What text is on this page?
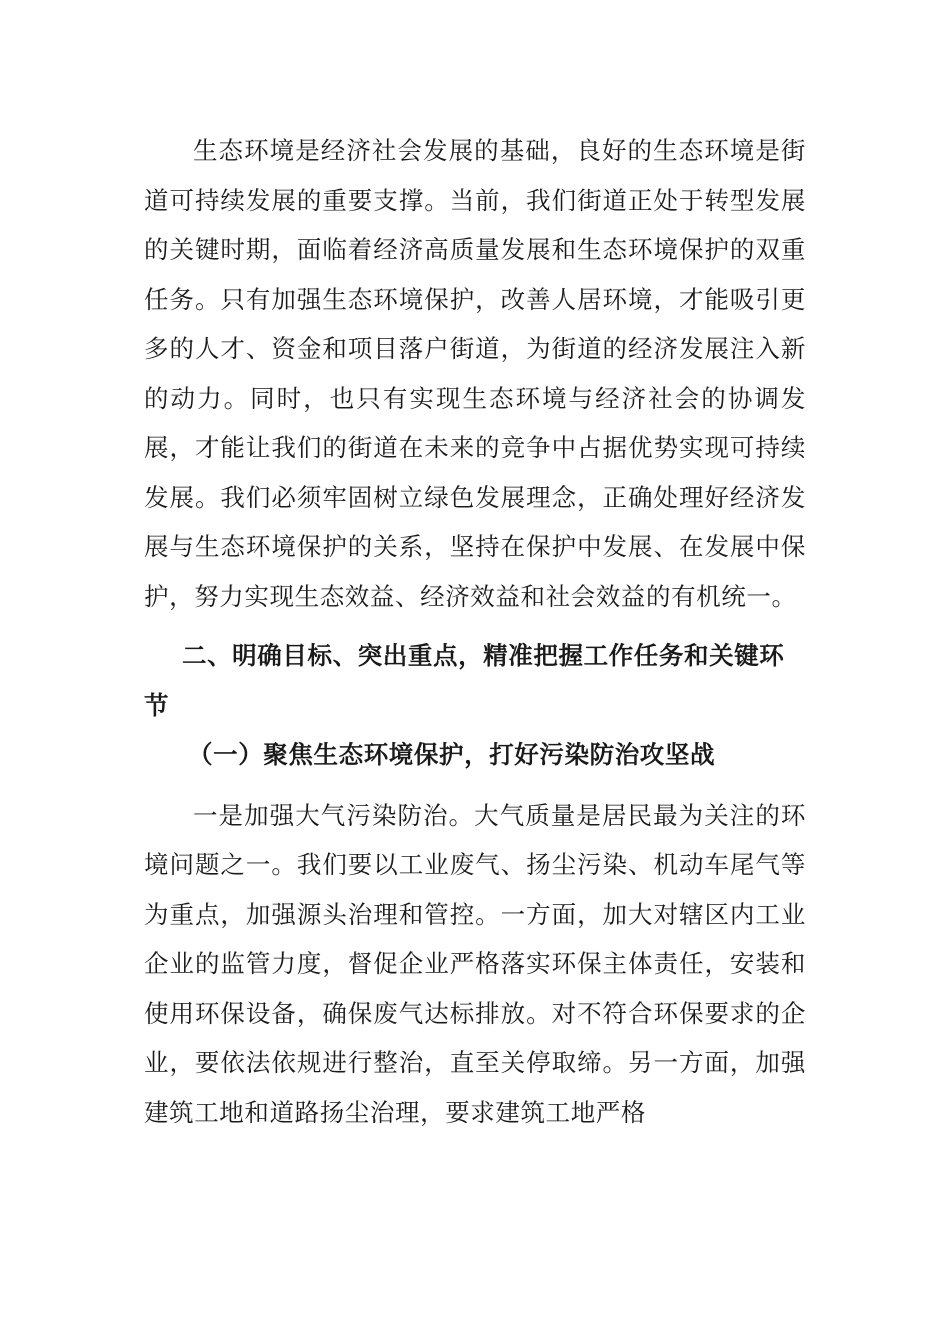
生态环境是经济社会发展的基础，良好的生态环境是街道可持续发展的重要支撑。当前，我们街道正处于转型发展的关键时期，面临着经济高质量发展和生态环境保护的双重任务。只有加强生态环境保护，改善人居环境，才能吸引更多的人才、资金和项目落户街道，为街道的经济发展注入新的动力。同时，也只有实现生态环境与经济社会的协调发展，才能让我们的街道在未来的竞争中占据优势实现可持续发展。我们必须牢固树立绿色发展理念，正确处理好经济发展与生态环境保护的关系，坚持在保护中发展、在发展中保护，努力实现生态效益、经济效益和社会效益的有机统一。

二、明确目标、突出重点，精准把握工作任务和关键环节

（一）聚焦生态环境保护，打好污染防治攻坚战

一是加强大气污染防治。大气质量是居民最为关注的环境问题之一。我们要以工业废气、扬尘污染、机动车尾气等为重点，加强源头治理和管控。一方面，加大对辖区内工业企业的监管力度，督促企业严格落实环保主体责任，安装和使用环保设备，确保废气达标排放。对不符合环保要求的企业，要依法依规进行整治，直至关停取缔。另一方面，加强建筑工地和道路扬尘治理，要求建筑工地严格
